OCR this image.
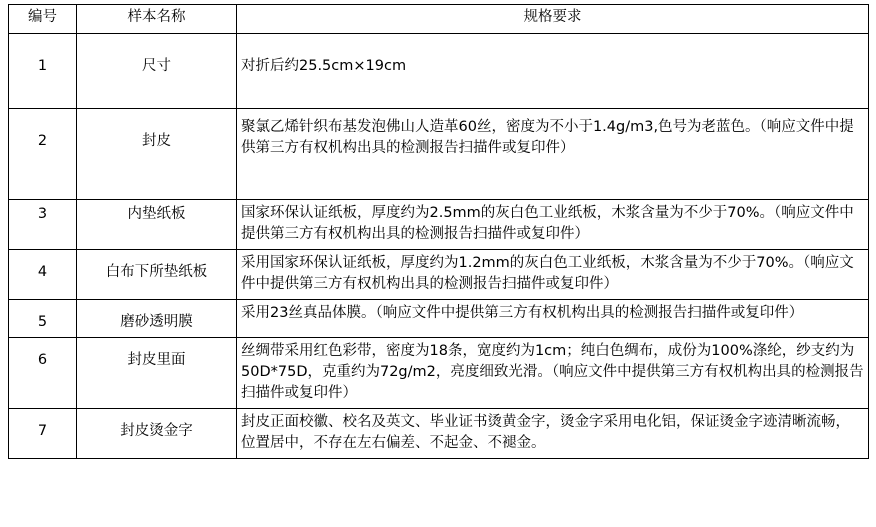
编号	样本名称	规格要求
1	尺寸	对折后约25.5cm×19cm
2	封皮	聚氯乙烯针织布基发泡佛山人造革60丝，密度为不小于1.4g/m3,色号为老蓝色。（响应文件中提供第三方有权机构出具的检测报告扫描件或复印件）
3	内垫纸板	国家环保认证纸板，厚度约为2.5mm的灰白色工业纸板，木浆含量为不少于70%。（响应文件中提供第三方有权机构出具的检测报告扫描件或复印件）
4	白布下所垫纸板	采用国家环保认证纸板，厚度约为1.2mm的灰白色工业纸板，木浆含量为不少于70%。（响应文件中提供第三方有权机构出具的检测报告扫描件或复印件）
5	磨砂透明膜	采用23丝真品体膜。（响应文件中提供第三方有权机构出具的检测报告扫描件或复印件）
6	封皮里面	丝绸带采用红色彩带，密度为18条，宽度约为1cm；纯白色绸布，成份为100%涤纶，纱支约为50D*75D，克重约为72g/m2，亮度细致光滑。（响应文件中提供第三方有权机构出具的检测报告扫描件或复印件）
7	封皮烫金字	封皮正面校徽、校名及英文、毕业证书烫黄金字，烫金字采用电化铝，保证烫金字迹清晰流畅，位置居中，不存在左右偏差、不起金、不褪金。
